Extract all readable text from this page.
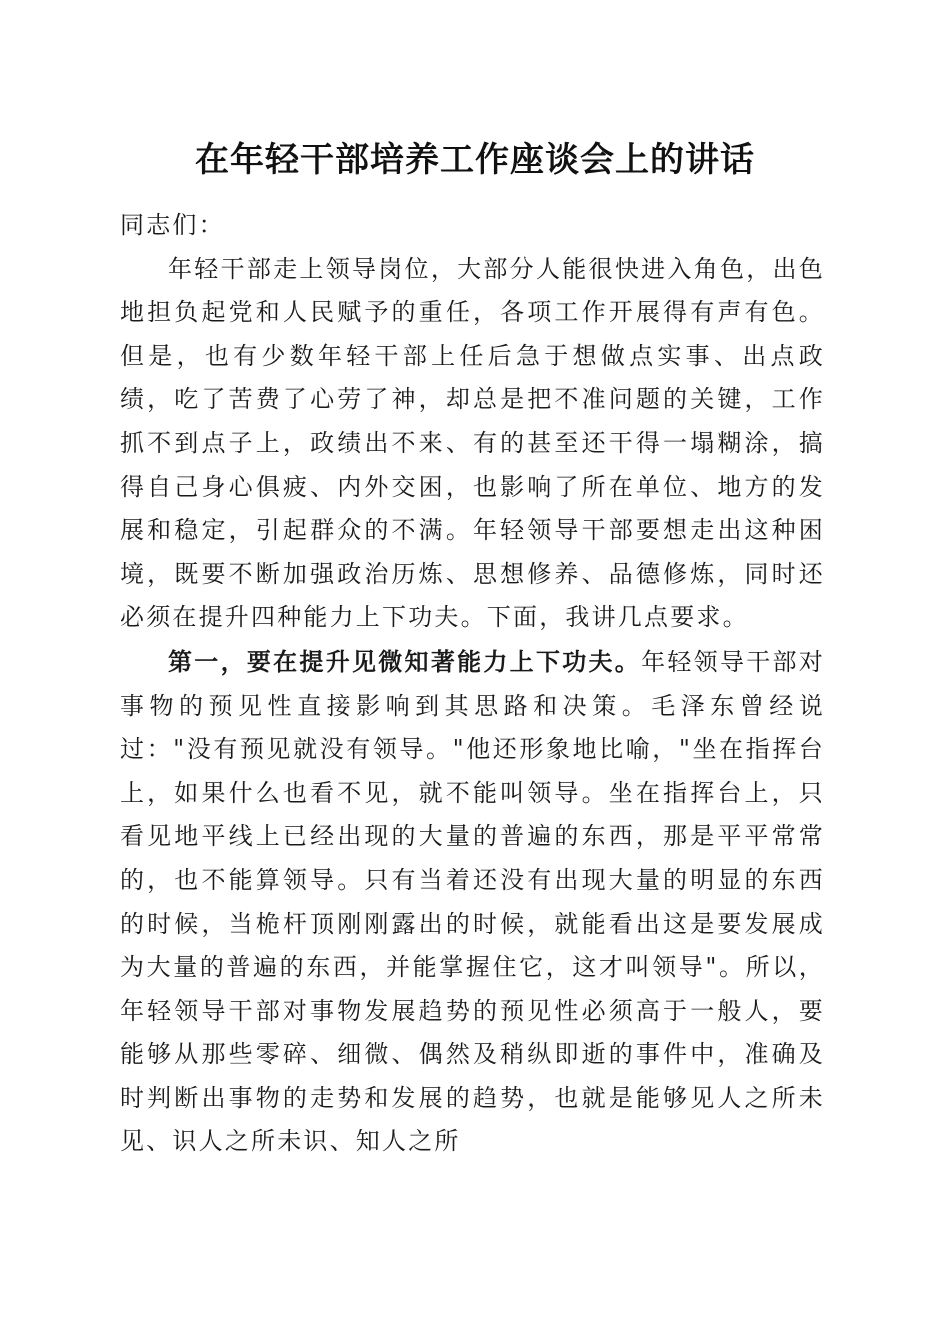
在年轻干部培养工作座谈会上的讲话

同志们：

年轻干部走上领导岗位，大部分人能很快进入角色，出色地担负起党和人民赋予的重任，各项工作开展得有声有色。但是，也有少数年轻干部上任后急于想做点实事、出点政绩，吃了苦费了心劳了神，却总是把不准问题的关键，工作抓不到点子上，政绩出不来、有的甚至还干得一塌糊涂，搞得自己身心俱疲、内外交困，也影响了所在单位、地方的发展和稳定，引起群众的不满。年轻领导干部要想走出这种困境，既要不断加强政治历炼、思想修养、品德修炼，同时还必须在提升四种能力上下功夫。下面，我讲几点要求。

第一，要在提升见微知著能力上下功夫。年轻领导干部对事物的预见性直接影响到其思路和决策。毛泽东曾经说过："没有预见就没有领导。"他还形象地比喻，"坐在指挥台上，如果什么也看不见，就不能叫领导。坐在指挥台上，只看见地平线上已经出现的大量的普遍的东西，那是平平常常的，也不能算领导。只有当着还没有出现大量的明显的东西的时候，当桅杆顶刚刚露出的时候，就能看出这是要发展成为大量的普遍的东西，并能掌握住它，这才叫领导"。所以，年轻领导干部对事物发展趋势的预见性必须高于一般人，要能够从那些零碎、细微、偶然及稍纵即逝的事件中，准确及时判断出事物的走势和发展的趋势，也就是能够见人之所未见、识人之所未识、知人之所
